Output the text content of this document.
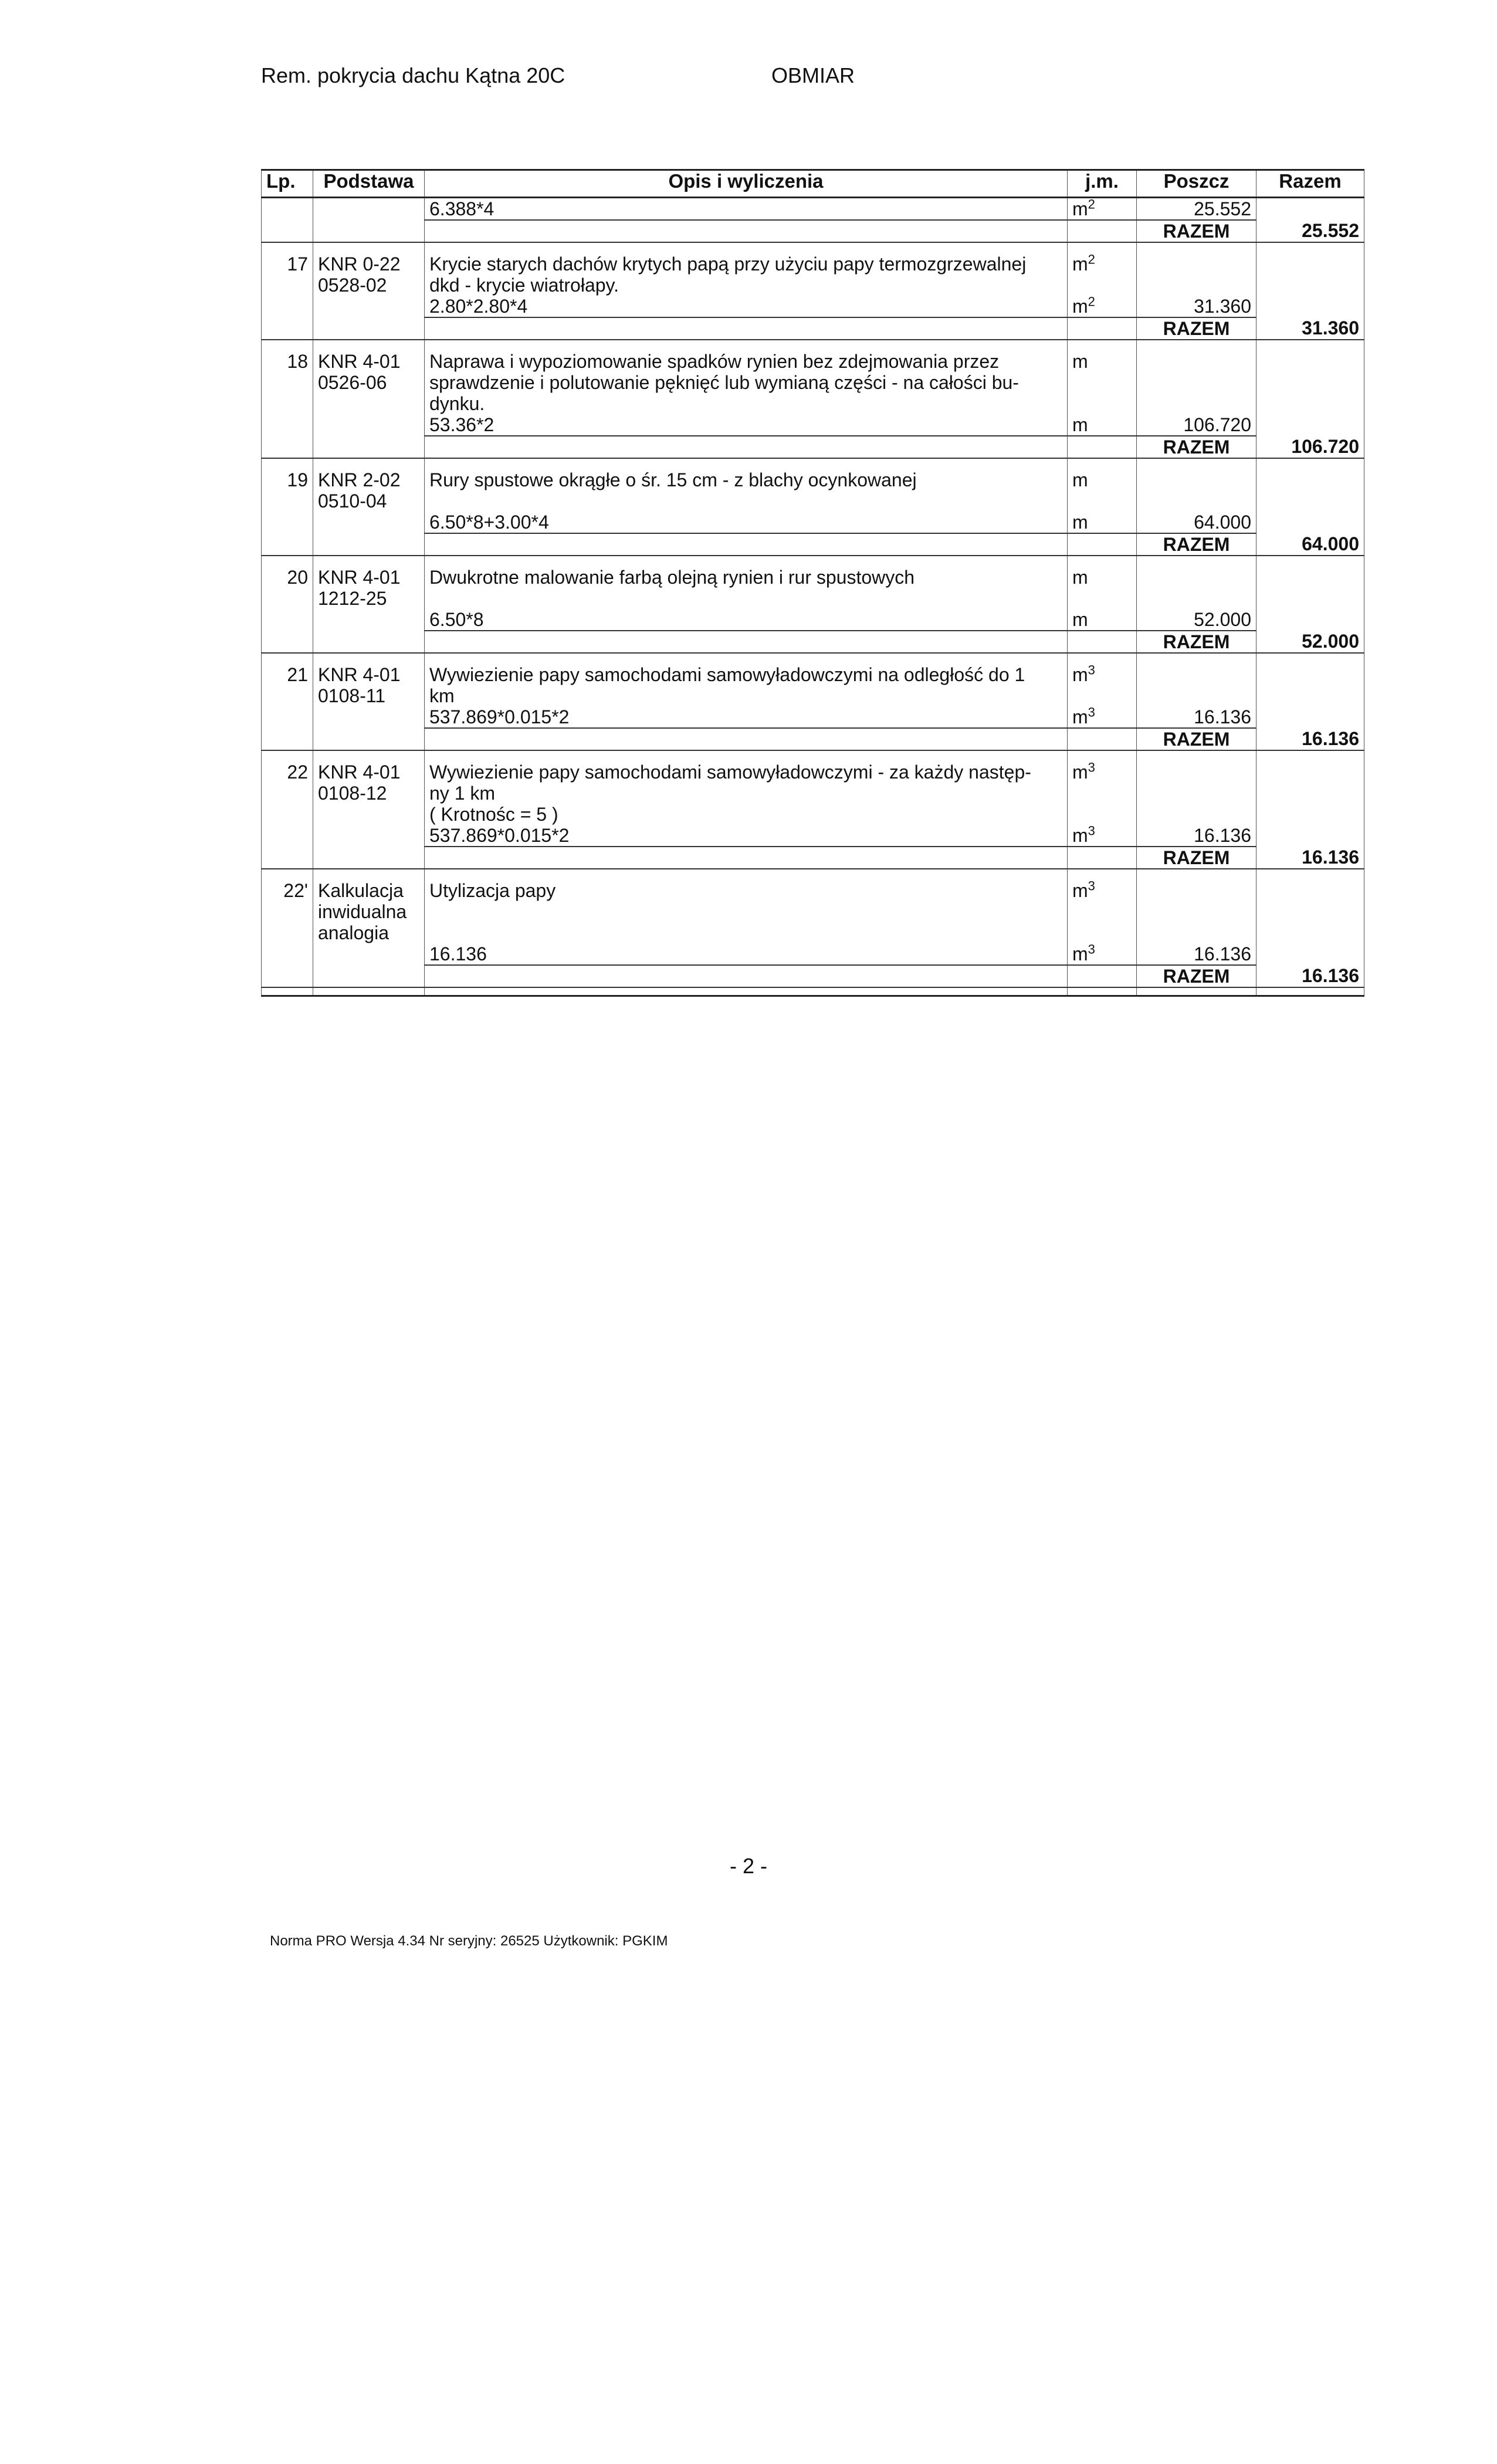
Rem. pokrycia dachu Kątna 20C	OBMIAR
Lp.	Podstawa	Opis i wyliczenia	j.m.	Poszcz	Razem
		6.388*4	$m^2$	25.552	
				RAZEM	25.552

17	KNR 0-22	Krycie starych dachów krytych papą przy użyciu papy termozgrzewalnej	$m^2$		
	0528-02	dkd - krycie wiatrołapy.			
		2.80*2.80*4	$m^2$	31.360	
				RAZEM	31.360

18	KNR 4-01	Naprawa i wypoziomowanie spadków rynien bez zdejmowania przez	m		
	0526-06	sprawdzenie i polutowanie pęknięć lub wymianą części - na całości bu-			
		dynku.			
		53.36*2	m	106.720	
				RAZEM	106.720

19	KNR 2-02	Rury spustowe okrągłe o śr. 15 cm - z blachy ocynkowanej	m		
	0510-04				
		6.50*8+3.00*4	m	64.000	
				RAZEM	64.000

20	KNR 4-01	Dwukrotne malowanie farbą olejną rynien i rur spustowych	m		
	1212-25				
		6.50*8	m	52.000	
				RAZEM	52.000

21	KNR 4-01	Wywiezienie papy samochodami samowyładowczymi na odległość do 1	$m^3$		
	0108-11	km			
		537.869*0.015*2	$m^3$	16.136	
				RAZEM	16.136

22	KNR 4-01	Wywiezienie papy samochodami samowyładowczymi - za każdy następ-	$m^3$		
	0108-12	ny 1 km			
		( Krotnośc = 5 )			
		537.869*0.015*2	$m^3$	16.136	
				RAZEM	16.136

22'	Kalkulacja	Utylizacja papy	$m^3$		
	inwidualna				
	analogia				
		16.136	$m^3$	16.136	
				RAZEM	16.136

- 2 -
Norma PRO Wersja 4.34 Nr seryjny: 26525 Użytkownik: PGKIM
